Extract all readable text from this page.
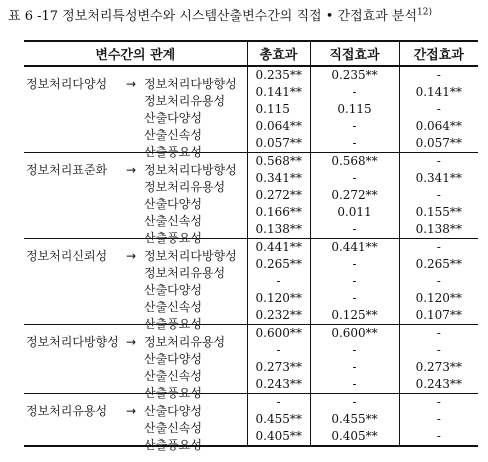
표 6 -17 정보처리특성변수와 시스템산출변수간의 직접 • 간접효과 분석$^{12)}$
변수간의 관계	총효과	직접효과	간접효과

정보처리다양성 → 정보처리다방향성	0.235**	0.235**	-

정보처리유용성	0.141**	-	0.141**

산출다양성	0.115	0.115	-

산출신속성	0.064**	-	0.064**

산출풍요성	0.057**	-	0.057**

정보처리표준화 → 정보처리다방향성	0.568**	0.568**	-

정보처리유용성	0.341**	-	0.341**

산출다양성	0.272**	0.272**	-

산출신속성	0.166**	0.011	0.155**

산출풍요성	0.138**	-	0.138**

정보처리신뢰성 → 정보처리다방향성	0.441**	0.441**	-

정보처리유용성	0.265**	-	0.265**

산출다양성	-	-	-

산출신속성	0.120**	-	0.120**

산출풍요성	0.232**	0.125**	0.107**

정보처리다방향성 → 정보처리유용성	0.600**	0.600**	-

산출다양성	-	-	-

산출신속성	0.273**	-	0.273**

산출풍요성	0.243**	-	0.243**

정보처리유용성 → 산출다양성	-	-	-

산출신속성	0.455**	0.455**	-

산출풍요성	0.405**	0.405**	-
